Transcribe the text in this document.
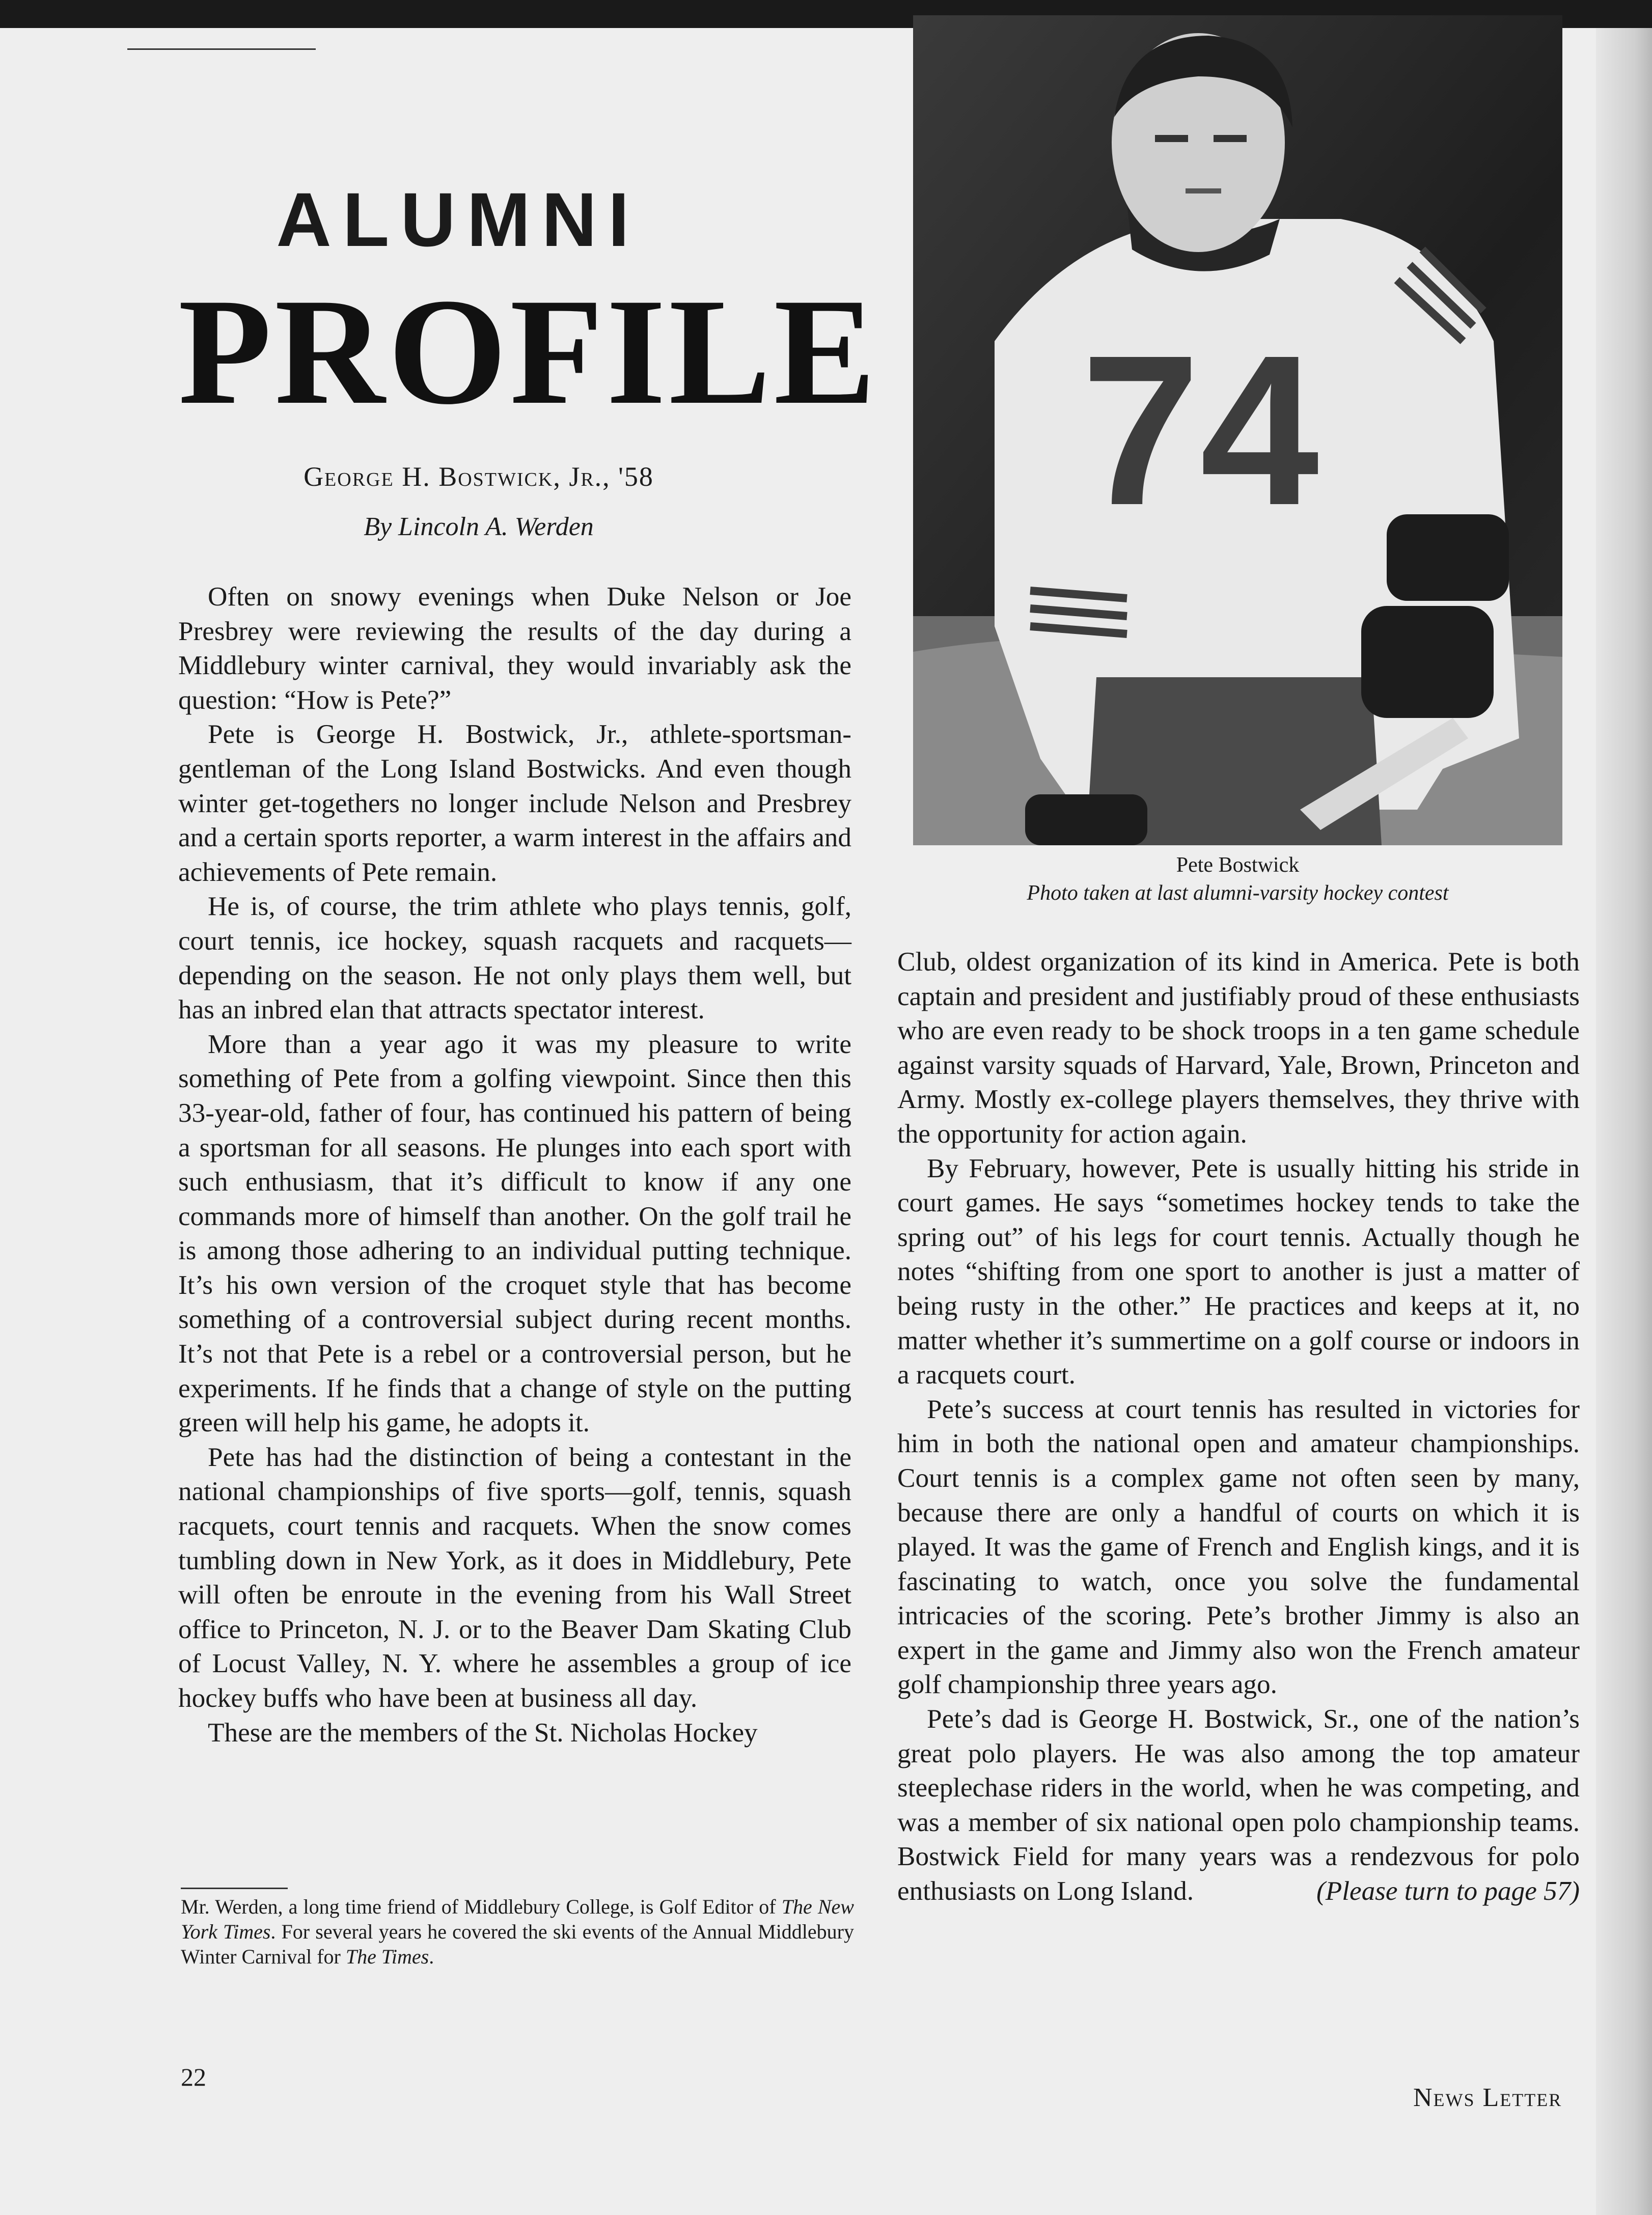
ALUMNI
PROFILE
George H. Bostwick, Jr., '58
By Lincoln A. Werden	74
Pete Bostwick
Photo taken at last alumni-varsity hockey contest

Often on snowy evenings when Duke Nelson or Joe Presbrey were reviewing the results of the day during a Middlebury winter carnival, they would invariably ask the question: “How is Pete?”

Pete is George H. Bostwick, Jr., athlete-sportsman-gentleman of the Long Island Bostwicks. And even though winter get-togethers no longer include Nelson and Presbrey and a certain sports reporter, a warm interest in the affairs and achievements of Pete remain.

He is, of course, the trim athlete who plays tennis, golf, court tennis, ice hockey, squash racquets and racquets—depending on the season. He not only plays them well, but has an inbred elan that attracts spectator interest.

More than a year ago it was my pleasure to write something of Pete from a golfing viewpoint. Since then this 33-year-old, father of four, has continued his pattern of being a sportsman for all seasons. He plunges into each sport with such enthusiasm, that it’s difficult to know if any one commands more of himself than another. On the golf trail he is among those adhering to an individual putting technique. It’s his own version of the croquet style that has become something of a controversial subject during recent months. It’s not that Pete is a rebel or a controversial person, but he experiments. If he finds that a change of style on the putting green will help his game, he adopts it.

Pete has had the distinction of being a contestant in the national championships of five sports—golf, tennis, squash racquets, court tennis and racquets. When the snow comes tumbling down in New York, as it does in Middlebury, Pete will often be enroute in the evening from his Wall Street office to Princeton, N. J. or to the Beaver Dam Skating Club of Locust Valley, N. Y. where he assembles a group of ice hockey buffs who have been at business all day.

These are the members of the St. Nicholas Hockey

Mr. Werden, a long time friend of Middlebury College, is Golf Editor of The New York Times. For several years he covered the ski events of the Annual Middlebury Winter Carnival for The Times.
22

Club, oldest organization of its kind in America. Pete is both captain and president and justifiably proud of these enthusiasts who are even ready to be shock troops in a ten game schedule against varsity squads of Harvard, Yale, Brown, Princeton and Army. Mostly ex-college players themselves, they thrive with the opportunity for action again.

By February, however, Pete is usually hitting his stride in court games. He says “sometimes hockey tends to take the spring out” of his legs for court tennis. Actually though he notes “shifting from one sport to another is just a matter of being rusty in the other.” He practices and keeps at it, no matter whether it’s summertime on a golf course or indoors in a racquets court.

Pete’s success at court tennis has resulted in victories for him in both the national open and amateur championships. Court tennis is a complex game not often seen by many, because there are only a handful of courts on which it is played. It was the game of French and English kings, and it is fascinating to watch, once you solve the fundamental intricacies of the scoring. Pete’s brother Jimmy is also an expert in the game and Jimmy also won the French amateur golf championship three years ago.

Pete’s dad is George H. Bostwick, Sr., one of the nation’s great polo players. He was also among the top amateur steeplechase riders in the world, when he was competing, and was a member of six national open polo championship teams. Bostwick Field for many years was a rendezvous for polo enthusiasts on Long Island.	(Please turn to page 57)

News Letter
